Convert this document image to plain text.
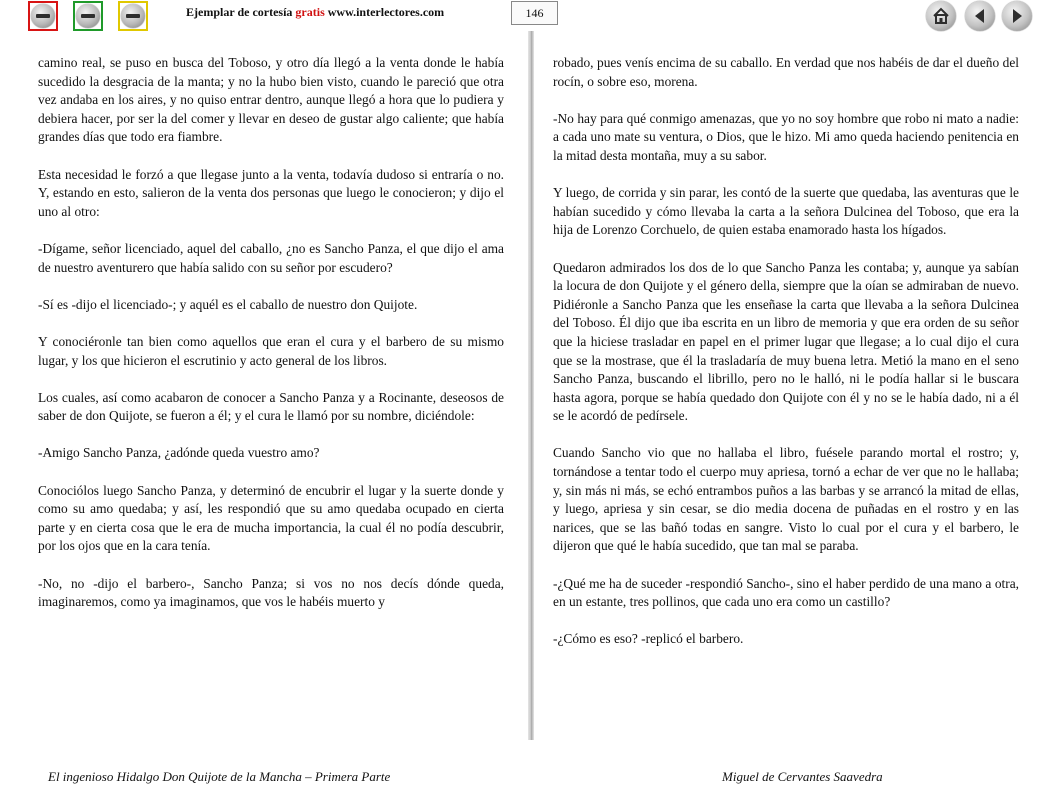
Ejemplar de cortesía gratis www.interlectores.com	146

camino real, se puso en busca del Toboso, y otro día llegó a la venta donde le había sucedido la desgracia de la manta; y no la hubo bien visto, cuando le pareció que otra vez andaba en los aires, y no quiso entrar dentro, aunque llegó a hora que lo pudiera y debiera hacer, por ser la del comer y llevar en deseo de gustar algo caliente; que había grandes días que todo era fiambre.

Esta necesidad le forzó a que llegase junto a la venta, todavía dudoso si entraría o no. Y, estando en esto, salieron de la venta dos personas que luego le conocieron; y dijo el uno al otro:

-Dígame, señor licenciado, aquel del caballo, ¿no es Sancho Panza, el que dijo el ama de nuestro aventurero que había salido con su señor por escudero?

-Sí es -dijo el licenciado-; y aquél es el caballo de nuestro don Quijote.

Y conociéronle tan bien como aquellos que eran el cura y el barbero de su mismo lugar, y los que hicieron el escrutinio y acto general de los libros.

Los cuales, así como acabaron de conocer a Sancho Panza y a Rocinante, deseosos de saber de don Quijote, se fueron a él; y el cura le llamó por su nombre, diciéndole:

-Amigo Sancho Panza, ¿adónde queda vuestro amo?

Conociólos luego Sancho Panza, y determinó de encubrir el lugar y la suerte donde y como su amo quedaba; y así, les respondió que su amo quedaba ocupado en cierta parte y en cierta cosa que le era de mucha importancia, la cual él no podía descubrir, por los ojos que en la cara tenía.

-No, no -dijo el barbero-, Sancho Panza; si vos no nos decís dónde queda, imaginaremos, como ya imaginamos, que vos le habéis muerto y

robado, pues venís encima de su caballo. En verdad que nos habéis de dar el dueño del rocín, o sobre eso, morena.

-No hay para qué conmigo amenazas, que yo no soy hombre que robo ni mato a nadie: a cada uno mate su ventura, o Dios, que le hizo. Mi amo queda haciendo penitencia en la mitad desta montaña, muy a su sabor.

Y luego, de corrida y sin parar, les contó de la suerte que quedaba, las aventuras que le habían sucedido y cómo llevaba la carta a la señora Dulcinea del Toboso, que era la hija de Lorenzo Corchuelo, de quien estaba enamorado hasta los hígados.

Quedaron admirados los dos de lo que Sancho Panza les contaba; y, aunque ya sabían la locura de don Quijote y el género della, siempre que la oían se admiraban de nuevo. Pidiéronle a Sancho Panza que les enseñase la carta que llevaba a la señora Dulcinea del Toboso. Él dijo que iba escrita en un libro de memoria y que era orden de su señor que la hiciese trasladar en papel en el primer lugar que llegase; a lo cual dijo el cura que se la mostrase, que él la trasladaría de muy buena letra. Metió la mano en el seno Sancho Panza, buscando el librillo, pero no le halló, ni le podía hallar si le buscara hasta agora, porque se había quedado don Quijote con él y no se le había dado, ni a él se le acordó de pedírsele.

Cuando Sancho vio que no hallaba el libro, fuésele parando mortal el rostro; y, tornándose a tentar todo el cuerpo muy apriesa, tornó a echar de ver que no le hallaba; y, sin más ni más, se echó entrambos puños a las barbas y se arrancó la mitad de ellas, y luego, apriesa y sin cesar, se dio media docena de puñadas en el rostro y en las narices, que se las bañó todas en sangre. Visto lo cual por el cura y el barbero, le dijeron que qué le había sucedido, que tan mal se paraba.

-¿Qué me ha de suceder -respondió Sancho-, sino el haber perdido de una mano a otra, en un estante, tres pollinos, que cada uno era como un castillo?

-¿Cómo es eso? -replicó el barbero.

El ingenioso Hidalgo Don Quijote de la Mancha – Primera Parte	Miguel de Cervantes Saavedra
